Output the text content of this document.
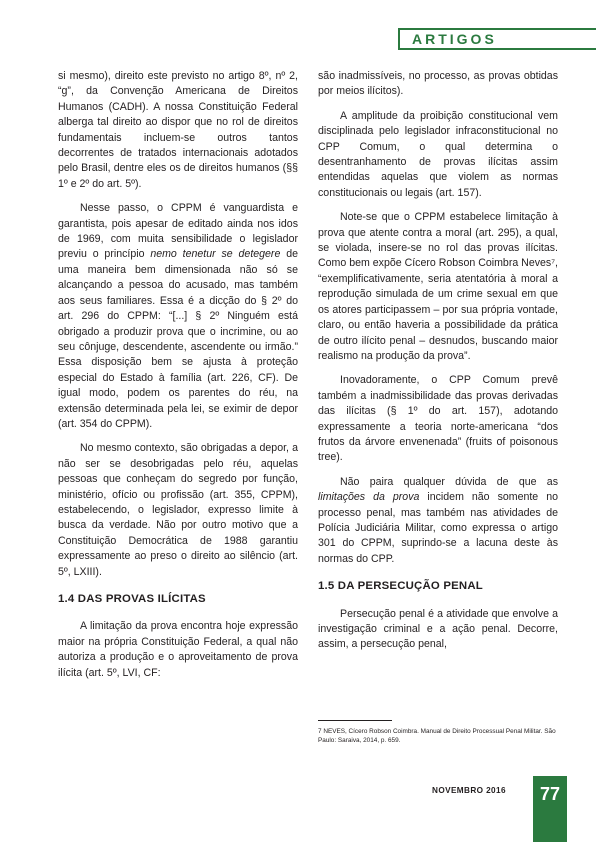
ARTIGOS

si mesmo), direito este previsto no artigo 8º, nº 2, “g”, da Convenção Americana de Direitos Humanos (CADH). A nossa Constituição Federal alberga tal direito ao dispor que no rol de direitos fundamentais incluem-se outros tantos decorrentes de tratados internacionais adotados pelo Brasil, dentre eles os de direitos humanos (§§ 1º e 2º do art. 5º).

Nesse passo, o CPPM é vanguardista e garantista, pois apesar de editado ainda nos idos de 1969, com muita sensibilidade o legislador previu o princípio nemo tenetur se detegere de uma maneira bem dimensionada não só se alcançando a pessoa do acusado, mas também aos seus familiares. Essa é a dicção do § 2º do art. 296 do CPPM: “[...] § 2º Ninguém está obrigado a produzir prova que o incrimine, ou ao seu cônjuge, descendente, ascendente ou irmão.” Essa disposição bem se ajusta à proteção especial do Estado à família (art. 226, CF). De igual modo, podem os parentes do réu, na extensão determinada pela lei, se eximir de depor (art. 354 do CPPM).

No mesmo contexto, são obrigadas a depor, a não ser se desobrigadas pelo réu, aquelas pessoas que conheçam do segredo por função, ministério, ofício ou profissão (art. 355, CPPM), estabelecendo, o legislador, expresso limite à busca da verdade. Não por outro motivo que a Constituição Democrática de 1988 garantiu expressamente ao preso o direito ao silêncio (art. 5º, LXIII).

1.4 DAS PROVAS ILÍCITAS

A limitação da prova encontra hoje expressão maior na própria Constituição Federal, a qual não autoriza a produção e o aproveitamento de prova ilícita (art. 5º, LVI, CF:

são inadmissíveis, no processo, as provas obtidas por meios ilícitos).

A amplitude da proibição constitucional vem disciplinada pelo legislador infraconstitucional no CPP Comum, o qual determina o desentranhamento de provas ilícitas assim entendidas aquelas que violem as normas constitucionais ou legais (art. 157).

Note-se que o CPPM estabelece limitação à prova que atente contra a moral (art. 295), a qual, se violada, insere-se no rol das provas ilícitas. Como bem expõe Cícero Robson Coimbra Neves⁷, “exemplificativamente, seria atentatória à moral a reprodução simulada de um crime sexual em que os atores participassem – por sua própria vontade, claro, ou então haveria a possibilidade da prática de outro ilícito penal – desnudos, buscando maior realismo na produção da prova”.

Inovadoramente, o CPP Comum prevê também a inadmissibilidade das provas derivadas das ilícitas (§ 1º do art. 157), adotando expressamente a teoria norte-americana “dos frutos da árvore envenenada” (fruits of poisonous tree).

Não paira qualquer dúvida de que as limitações da prova incidem não somente no processo penal, mas também nas atividades de Polícia Judiciária Militar, como expressa o artigo 301 do CPPM, suprindo-se a lacuna deste às normas do CPP.

1.5 DA PERSECUÇÃO PENAL

Persecução penal é a atividade que envolve a investigação criminal e a ação penal. Decorre, assim, a persecução penal,

7 NEVES, Cícero Robson Coimbra. Manual de Direito Processual Penal Militar. São Paulo: Saraiva, 2014, p. 659.
NOVEMBRO 2016	77
